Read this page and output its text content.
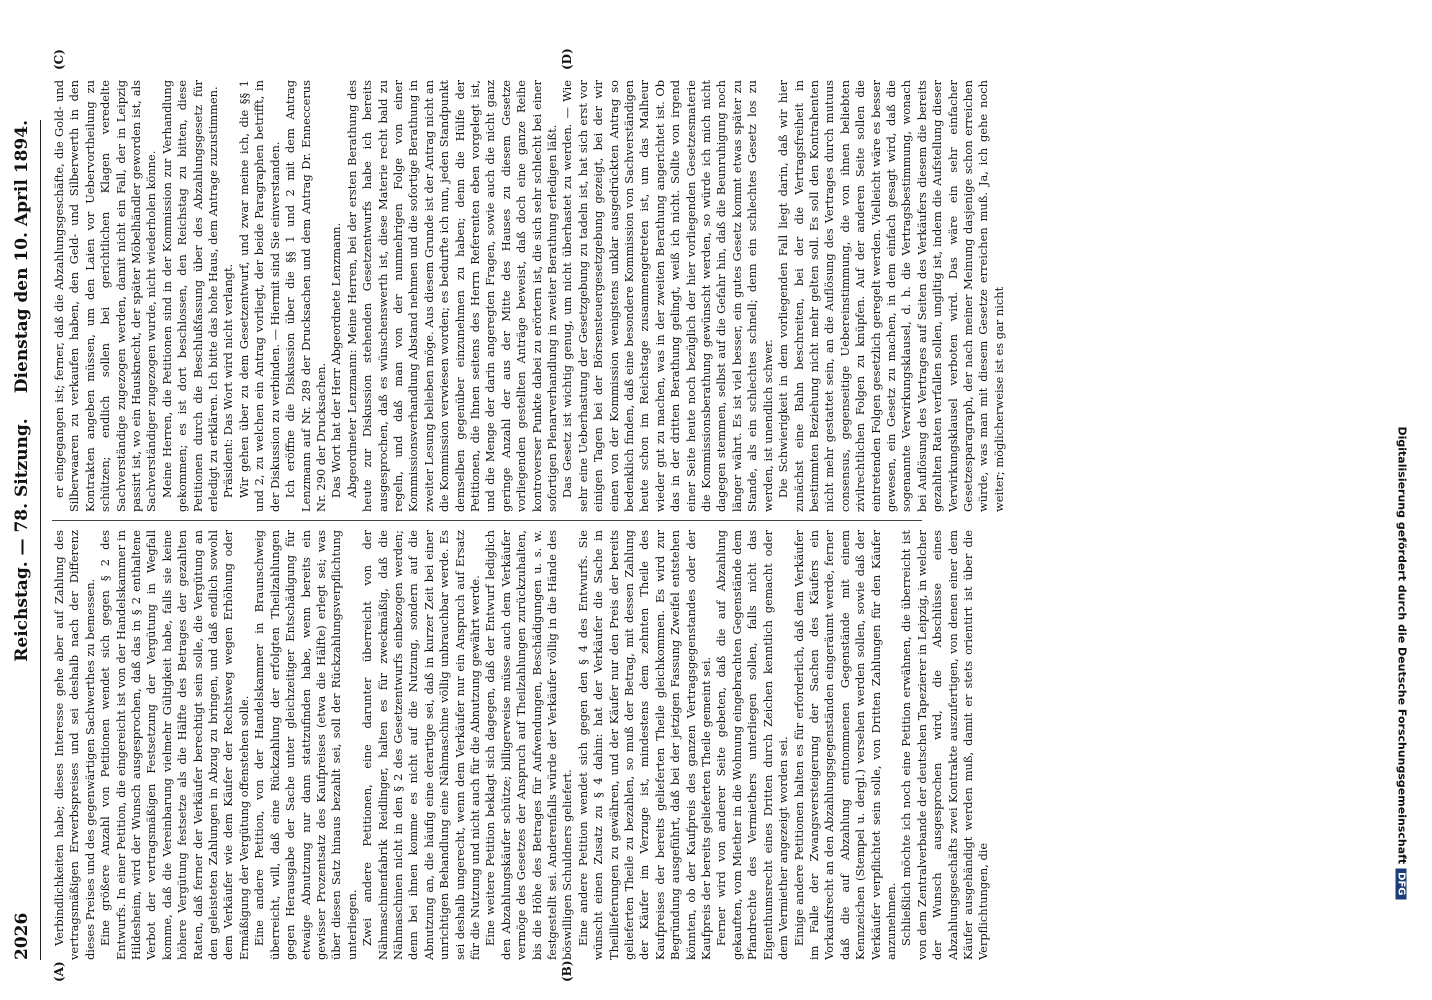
2026
Reichstag. — 78. Sitzung.
Dienstag den 10. April 1894.
(A)	(B)
(C)	(D)

Verbindlichkeiten habe; dieses Interesse gehe aber auf Zahlung des vertragsmäßigen Erwerbspreises und sei deshalb nach der Differenz dieses Preises und des gegenwärtigen Sachwerthes zu bemessen. Eine größere Anzahl von Petitionen wendet sich gegen § 2 des Entwurfs. In einer Petition, die eingereicht ist von der Handelskammer in Hildesheim, wird der Wunsch ausgesprochen, daß das in § 2 enthaltene Verbot der vertragsmäßigen Festsetzung der Vergütung in Wegfall komme, daß die Vereinbarung vielmehr Gültigkeit habe, falls sie keine höhere Vergütung festsetze als die Hälfte des Betrages der gezahlten Raten, daß ferner der Verkäufer berechtigt sein solle, die Vergütung an den geleisteten Zahlungen in Abzug zu bringen, und daß endlich sowohl dem Verkäufer wie dem Käufer der Rechtsweg wegen Erhöhung oder Ermäßigung der Vergütung offenstehen solle. Eine andere Petition, von der Handelskammer in Braunschweig überreicht, will, daß eine Rückzahlung der erfolgten Theilzahlungen gegen Herausgabe der Sache unter gleichzeitiger Entschädigung für etwaige Abnutzung nur dann stattzufinden habe, wenn bereits ein gewisser Prozentsatz des Kaufpreises (etwa die Hälfte) erlegt sei; was über diesen Satz hinaus bezahlt sei, soll der Rückzahlungsverpflichtung unterliegen. Zwei andere Petitionen, eine darunter überreicht von der Nähmaschinenfabrik Reidlinger, halten es für zweckmäßig, daß die Nähmaschinen nicht in den § 2 des Gesetzentwurfs einbezogen werden; denn bei ihnen komme es nicht auf die Nutzung, sondern auf die Abnutzung an, die häufig eine derartige sei, daß in kurzer Zeit bei einer unrichtigen Behandlung eine Nähmaschine völlig unbrauchbar werde. Es sei deshalb ungerecht, wenn dem Verkäufer nur ein Anspruch auf Ersatz für die Nutzung und nicht auch für die Abnutzung gewährt werde. Eine weitere Petition beklagt sich dagegen, daß der Entwurf lediglich den Abzahlungskäufer schütze; billigerweise müsse auch dem Verkäufer vermöge des Gesetzes der Anspruch auf Theilzahlungen zurückzuhalten, bis die Höhe des Betrages für Aufwendungen, Beschädigungen u. s. w. festgestellt sei. Anderenfalls würde der Verkäufer völlig in die Hände des böswilligen Schuldners geliefert. Eine andere Petition wendet sich gegen den § 4 des Entwurfs. Sie wünscht einen Zusatz zu § 4 dahin: hat der Verkäufer die Sache in Theillieferungen zu gewähren, und der Käufer nur den Preis der bereits gelieferten Theile zu bezahlen, so muß der Betrag, mit dessen Zahlung der Käufer im Verzuge ist, mindestens dem zehnten Theile des Kaufpreises der bereits gelieferten Theile gleichkommen. Es wird zur Begründung ausgeführt, daß bei der jetzigen Fassung Zweifel entstehen könnten, ob der Kaufpreis des ganzen Vertragsgegenstandes oder der Kaufpreis der bereits gelieferten Theile gemeint sei. Ferner wird von anderer Seite gebeten, daß die auf Abzahlung gekauften, vom Miether in die Wohnung eingebrachten Gegenstände dem Pfandrechte des Vermiethers unterliegen sollen, falls nicht das Eigenthumsrecht eines Dritten durch Zeichen kenntlich gemacht oder dem Vermiether angezeigt worden sei. Einige andere Petitionen halten es für erforderlich, daß dem Verkäufer im Falle der Zwangsversteigerung der Sachen des Käufers ein Vorkaufsrecht an den Abzahlungsgegenständen eingeräumt werde, ferner daß die auf Abzahlung entnommenen Gegenstände mit einem Kennzeichen (Stempel u. dergl.) versehen werden sollen, sowie daß der Verkäufer verpflichtet sein solle, von Dritten Zahlungen für den Käufer anzunehmen. Schließlich möchte ich noch eine Petition erwähnen, die überreicht ist von dem Zentralverbande der deutschen Tapezierer in Leipzig, in welcher der Wunsch ausgesprochen wird, die Abschlüsse eines Abzahlungsgeschäfts zwei Kontrakte auszufertigen, von denen einer dem Käufer ausgehändigt werden muß, damit er stets orientirt ist über die Verpflichtungen, die

er eingegangen ist; ferner, daß die Abzahlungsgeschäfte, die Gold- und Silberwaaren zu verkaufen haben, den Geld- und Silberwerth in den Kontrakten angeben müssen, um den Laien vor Uebervortheilung zu schützen; endlich sollen bei gerichtlichen Klagen veredelte Sachverständige zugezogen werden, damit nicht ein Fall, der in Leipzig passirt ist, wo ein Hausknecht, der später Möbelhändler geworden ist, als Sachverständiger zugezogen wurde, nicht wiederholen könne. Meine Herren, die Petitionen sind in der Kommission zur Verhandlung gekommen; es ist dort beschlossen, den Reichstag zu bitten, diese Petitionen durch die Beschlußfassung über des Abzahlungsgesetz für erledigt zu erklären. Ich bitte das hohe Haus, dem Antrage zuzustimmen. Präsident: Das Wort wird nicht verlangt. Wir gehen über zu dem Gesetzentwurf, und zwar meine ich, die §§ 1 und 2, zu welchen ein Antrag vorliegt, der beide Paragraphen betrifft, in der Diskussion zu verbinden. — Hiermit sind Sie einverstanden. Ich eröffne die Diskussion über die §§ 1 und 2 mit dem Antrag Lenzmann auf Nr. 289 der Drucksachen und dem Antrag Dr. Enneccerus Nr. 290 der Drucksachen. Das Wort hat der Herr Abgeordnete Lenzmann. Abgeordneter Lenzmann: Meine Herren, bei der ersten Berathung des heute zur Diskussion stehenden Gesetzentwurfs habe ich bereits ausgesprochen, daß es wünschenswerth ist, diese Materie recht bald zu regeln, und daß man von der nunmehrigen Folge von einer Kommissionsverhandlung Abstand nehmen und die sofortige Berathung in zweiter Lesung belieben möge. Aus diesem Grunde ist der Antrag nicht an die Kommission verwiesen worden; es bedurfte ich nun, jeden Standpunkt demselben gegenüber einzunehmen zu haben; denn die Hülfe der Petitionen, die Ihnen seitens des Herrn Referenten eben vorgelegt ist, und die Menge der darin angeregten Fragen, sowie auch die nicht ganz geringe Anzahl der aus der Mitte des Hauses zu diesem Gesetze vorliegenden gestellten Anträge beweist, daß doch eine ganze Reihe kontroverser Punkte dabei zu erörtern ist, die sich sehr schlecht bei einer sofortigen Plenarverhandlung in zweiter Berathung erledigen läßt. Das Gesetz ist wichtig genug, um nicht überhastet zu werden. — Wie sehr eine Ueberhastung der Gesetzgebung zu tadeln ist, hat sich erst vor einigen Tagen bei der Börsensteuergesetzgebung gezeigt, bei der wir einen von der Kommission wenigstens unklar ausgedrückten Antrag so bedenklich finden, daß eine besondere Kommission von Sachverständigen heute schon im Reichstage zusammengetreten ist, um das Malheur wieder gut zu machen, was in der zweiten Berathung angerichtet ist. Ob das in der dritten Berathung gelingt, weiß ich nicht. Sollte von irgend einer Seite heute noch bezüglich der hier vorliegenden Gesetzesmaterie die Kommissionsberathung gewünscht werden, so würde ich mich nicht dagegen stemmen, selbst auf die Gefahr hin, daß die Beunruhigung noch länger währt. Es ist viel besser, ein gutes Gesetz kommt etwas später zu Stande, als ein schlechtes schnell; denn ein schlechtes Gesetz los zu werden, ist unendlich schwer. Die Schwierigkeit in dem vorliegenden Fall liegt darin, daß wir hier zunächst eine Bahn beschreiten, bei der die Vertragsfreiheit in bestimmten Beziehung nicht mehr gelten soll. Es soll den Kontrahenten nicht mehr gestattet sein, an die Auflösung des Vertrages durch mutuus consensus, gegenseitige Uebereinstimmung, die von ihnen beliebten zivilrechtlichen Folgen zu knüpfen. Auf der anderen Seite sollen die eintretenden Folgen gesetzlich geregelt werden. Vielleicht wäre es besser gewesen, ein Gesetz zu machen, in dem einfach gesagt wird, daß die sogenannte Verwirkungsklausel, d. h. die Vertragsbestimmung, wonach bei Auflösung des Vertrages auf Seiten des Verkäufers diesem die bereits gezahlten Raten verfallen sollen, ungiltig ist, indem die Aufstellung dieser Verwirkungsklausel verboten wird. Das wäre ein sehr einfacher Gesetzesparagraph, der nach meiner Meinung dasjenige schon erreichen würde, was man mit diesem Gesetze erreichen muß. Ja, ich gehe noch weiter; möglicherweise ist es gar nicht

Digitalisierung gefördert durch die Deutsche ForschungsgemeinschaftDFG
